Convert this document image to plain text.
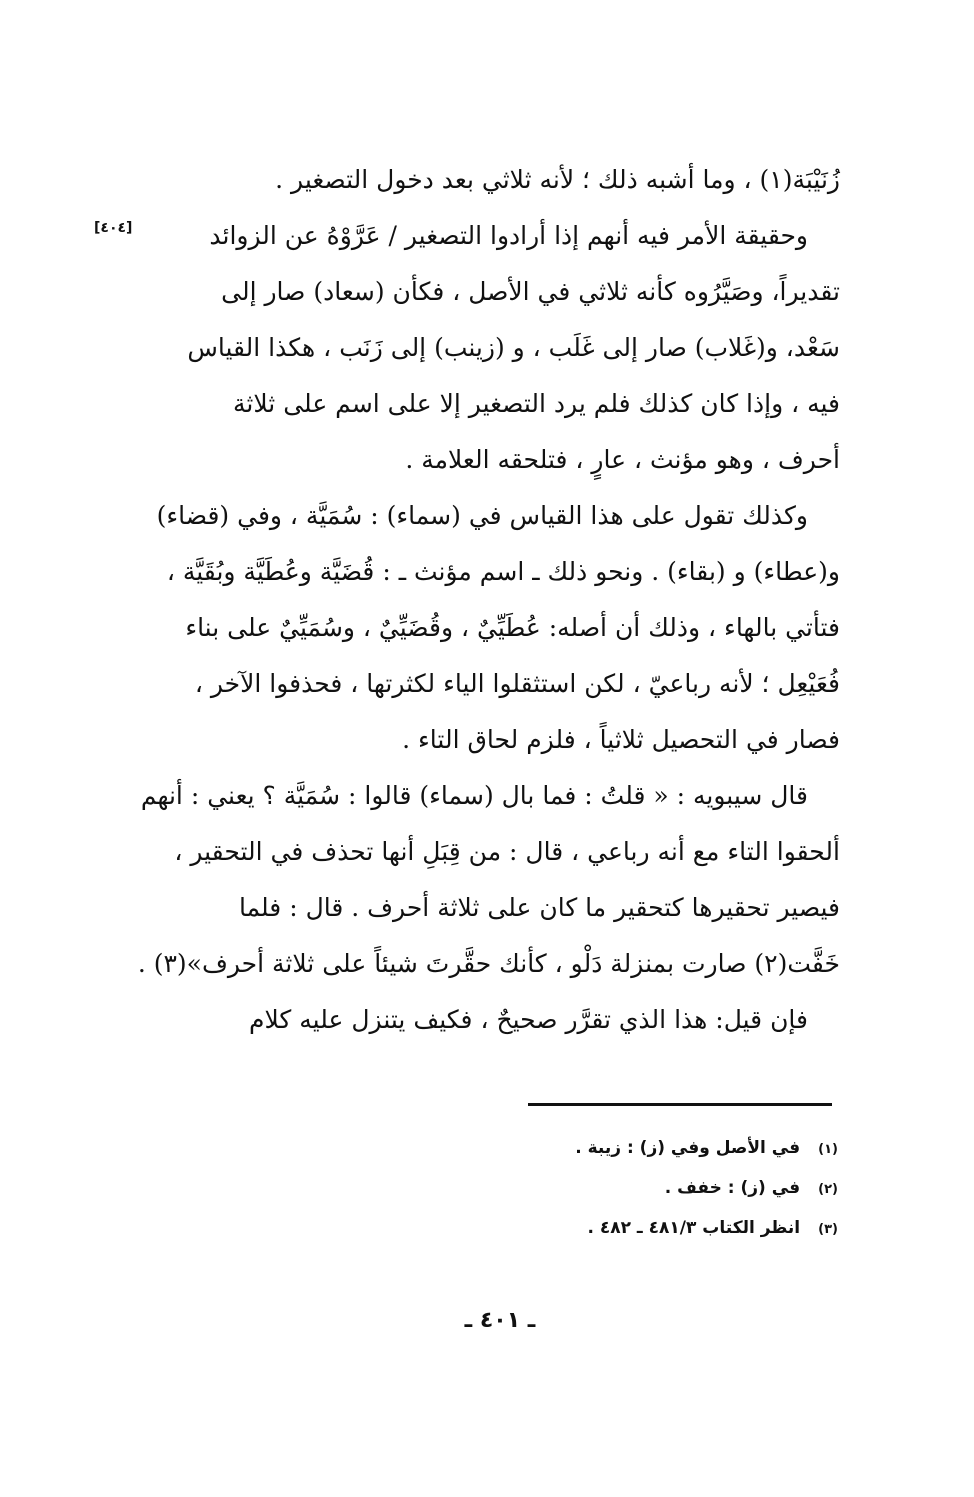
[٤٠٤]
زُنَيْبَة(١) ، وما أشبه ذلك ؛ لأنه ثلاثي بعد دخول التصغير .
وحقيقة الأمر فيه أنهم إذا أرادوا التصغير / عَرَّوْهُ عن الزوائد
تقديراً، وصَيَّرُوه كأنه ثلاثي في الأصل ، فكأن (سعاد) صار إلى
سَعْد، و(غَلاب) صار إلى غَلَب ، و (زينب) إلى زَنَب ، هكذا القياس
فيه ، وإذا كان كذلك فلم يرد التصغير إلا على اسم على ثلاثة
أحرف ، وهو مؤنث ، عارٍ ، فتلحقه العلامة .
وكذلك تقول على هذا القياس في (سماء) : سُمَيَّة ، وفي (قضاء)
و(عطاء) و (بقاء) . ونحو ذلك ـ اسم مؤنث ـ : قُضَيَّة وعُطَيَّة وبُقَيَّة ،
فتأتي بالهاء ، وذلك أن أصله: عُطَيِّيٌ ، وقُضَيِّيٌ ، وسُمَيِّيٌ على بناء
فُعَيْعِل ؛ لأنه رباعيّ ، لكن استثقلوا الياء لكثرتها ، فحذفوا الآخر ،
فصار في التحصيل ثلاثياً ، فلزم لحاق التاء .
قال سيبويه : « قلتُ : فما بال (سماء) قالوا : سُمَيَّة ؟ يعني : أنهم
ألحقوا التاء مع أنه رباعي ، قال : من قِبَلِ أنها تحذف في التحقير ،
فيصير تحقيرها كتحقير ما كان على ثلاثة أحرف . قال : فلما
خَفَّت(٢) صارت بمنزلة دَلْو ، كأنك حقَّرتَ شيئاً على ثلاثة أحرف»(٣) .
فإن قيل: هذا الذي تقرَّر صحيحٌ ، فكيف يتنزل عليه كلام
(١) في الأصل وفي (ز) : زيبة .
(٢) في (ز) : خفف .
(٣) انظر الكتاب ٤٨١/٣ ـ ٤٨٢ .
ـ ٤٠١ ـ
